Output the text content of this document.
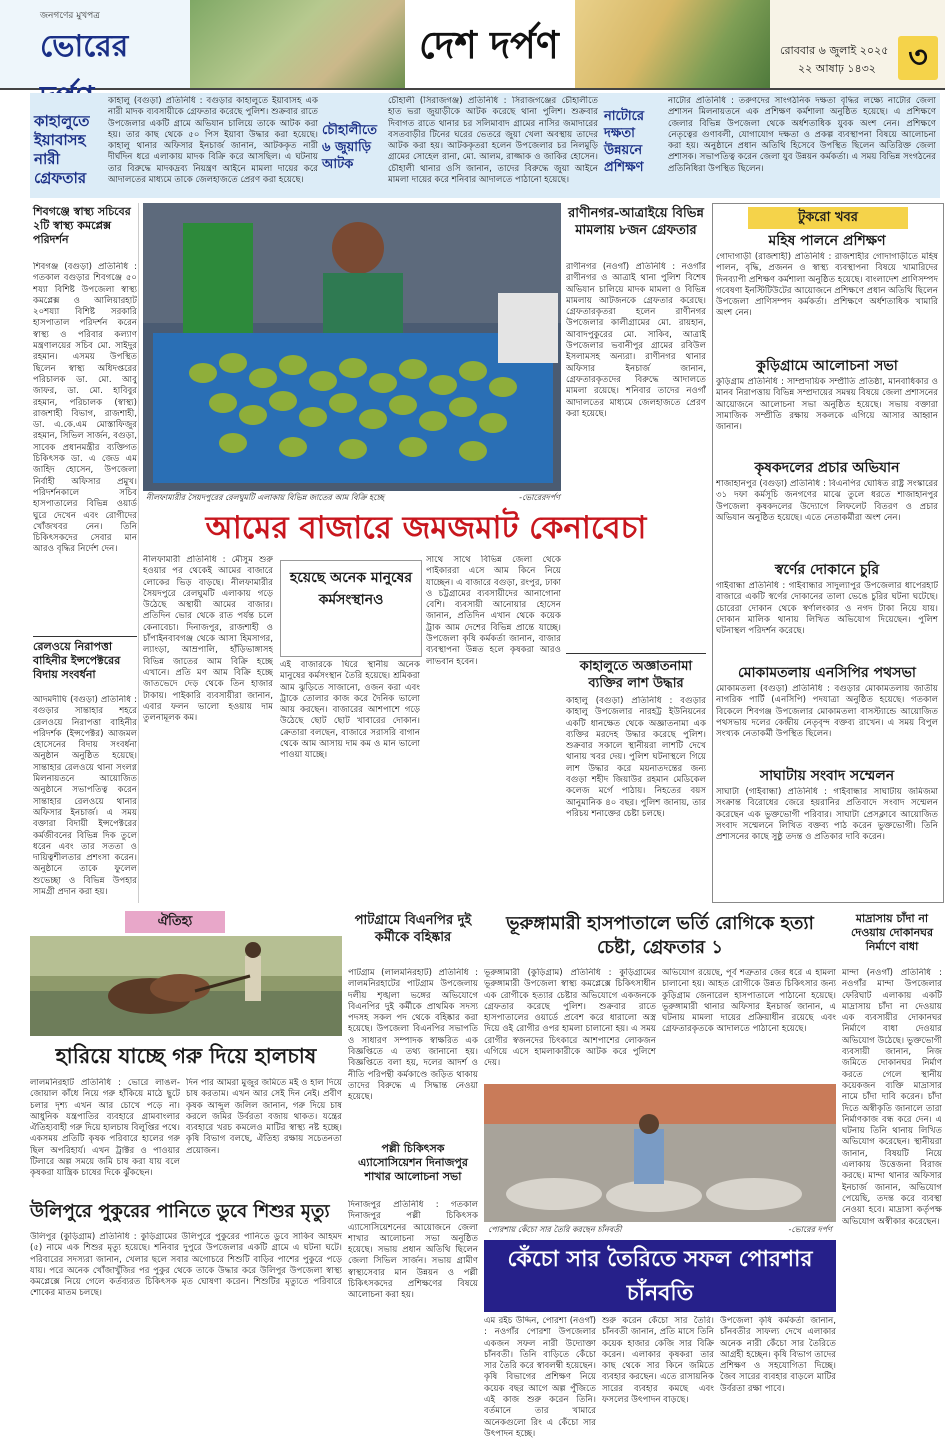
জনগণের মুখপত্র
ভোরের	দেশ দর্পণ	রোববার ৬ জুলাই ২০২৫
২২ আষাঢ় ১৪৩২	৩
কাহালুতে ইয়াবাসহ নারী গ্রেফতার
কাহালু (বগুড়া) প্রতিনিধি : বগুড়ার কাহালুতে ইয়াবাসহ এক নারী মাদক ব্যবসায়ীকে গ্রেফতার করেছে পুলিশ। শুক্রবার রাতে উপজেলার একটি গ্রামে অভিযান চালিয়ে তাকে আটক করা হয়। তার কাছ থেকে ৫০ পিস ইয়াবা উদ্ধার করা হয়েছে। কাহালু থানার অফিসার ইনচার্জ জানান, আটককৃত নারী দীর্ঘদিন ধরে এলাকায় মাদক বিক্রি করে আসছিল। এ ঘটনায় তার বিরুদ্ধে মাদকদ্রব্য নিয়ন্ত্রণ আইনে মামলা দায়ের করে আদালতের মাধ্যমে তাকে জেলহাজতে প্রেরণ করা হয়েছে।
চৌহালীতে ৬ জুয়াড়ি আটক
চৌহালী (সিরাজগঞ্জ) প্রতিনিধি : সিরাজগঞ্জের চৌহালীতে হাত ভরা জুয়াড়ীকে আটক করেছে থানা পুলিশ। শুক্রবার দিবাগত রাতে থানার চর সলিমাবাদ গ্রামের নাসির জমাদারের বসতবাড়ীর টিনের ঘরের ভেতরে জুয়া খেলা অবস্থায় তাদের আটক করা হয়। আটককৃতরা হলেন উপজেলার চর নিলমুড়ি গ্রামের সোহেল রানা, মো. আলম, রাজ্জাক ও জাকির হোসেন। চৌহালী থানার ওসি জানান, তাদের বিরুদ্ধে জুয়া আইনে মামলা দায়ের করে শনিবার আদালতে পাঠানো হয়েছে।
নাটোরে দক্ষতা উন্নয়নে প্রশিক্ষণ
নাটোর প্রতিনিধি : তরুণদের সাংগঠনিক দক্ষতা বৃদ্ধির লক্ষ্যে নাটোর জেলা প্রশাসন মিলনায়তনে এক প্রশিক্ষণ কর্মশালা অনুষ্ঠিত হয়েছে। এ প্রশিক্ষণে জেলার বিভিন্ন উপজেলা থেকে অর্ধশতাধিক যুবক অংশ নেন। প্রশিক্ষণে নেতৃত্বের গুণাবলী, যোগাযোগ দক্ষতা ও প্রকল্প ব্যবস্থাপনা বিষয়ে আলোচনা করা হয়। অনুষ্ঠানে প্রধান অতিথি হিসেবে উপস্থিত ছিলেন অতিরিক্ত জেলা প্রশাসক। সভাপতিত্ব করেন জেলা যুব উন্নয়ন কর্মকর্তা। এ সময় বিভিন্ন সংগঠনের প্রতিনিধিরা উপস্থিত ছিলেন।
শিবগঞ্জে স্বাস্থ্য সচিবের ২টি স্বাস্থ্য কমপ্লেক্স পরিদর্শন
শিবগঞ্জ (বগুড়া) প্রতিনিধি : গতকাল বগুড়ার শিবগঞ্জে ৫০ শয্যা বিশিষ্ট উপজেলা স্বাস্থ্য কমপ্লেক্স ও আলিয়ারহাট ২০শয্যা বিশিষ্ট সরকারি হাসপাতাল পরিদর্শন করেন স্বাস্থ্য ও পরিবার কল্যাণ মন্ত্রণালয়ের সচিব মো. সাইদুর রহমান। এসময় উপস্থিত ছিলেন স্বাস্থ্য অধিদপ্তরের পরিচালক ডা. মো. আবু জাফর, ডা. মো. হাবিবুর রহমান, পরিচালক (স্বাস্থ্য) রাজশাহী বিভাগ, রাজশাহী, ডা. এ.কে.এম মোস্তাফিজুর রহমান, সিভিল সার্জন, বগুড়া, সাবেক প্রধানমন্ত্রীর ব্যক্তিগত চিকিৎসক ডা. এ জেড এম জাহিদ হোসেন, উপজেলা নির্বাহী অফিসার প্রমুখ। পরিদর্শনকালে সচিব হাসপাতালের বিভিন্ন ওয়ার্ড ঘুরে দেখেন এবং রোগীদের খোঁজখবর নেন। তিনি চিকিৎসকদের সেবার মান আরও বৃদ্ধির নির্দেশ দেন।
রেলওয়ে নিরাপত্তা বাহিনীর ইন্সপেক্টরের বিদায় সংবর্ধনা
আদমদীঘি (বগুড়া) প্রতিনিধি : বগুড়ার সান্তাহার শহরে রেলওয়ে নিরাপত্তা বাহিনীর পরিদর্শক (ইন্সপেক্টর) আজমল হোসেনের বিদায় সংবর্ধনা অনুষ্ঠান অনুষ্ঠিত হয়েছে। সান্তাহার রেলওয়ে থানা সংলগ্ন মিলনায়তনে আয়োজিত অনুষ্ঠানে সভাপতিত্ব করেন সান্তাহার রেলওয়ে থানার অফিসার ইনচার্জ। এ সময় বক্তারা বিদায়ী ইন্সপেক্টরের কর্মজীবনের বিভিন্ন দিক তুলে ধরেন এবং তার সততা ও দায়িত্বশীলতার প্রশংসা করেন। অনুষ্ঠানে তাকে ফুলেল শুভেচ্ছা ও বিভিন্ন উপহার সামগ্রী প্রদান করা হয়।
নীলফামারীর সৈয়দপুরের রেলঘুমটি এলাকায় বিভিন্ন জাতের আম বিক্রি হচ্ছে	-ভোরেরদর্পণ
আমের বাজারে জমজমাট কেনাবেচা
নীলফামারী প্রতিনিধি : মৌসুম শুরু হওয়ার পর থেকেই আমের বাজারে লোকের ভিড় বাড়ছে। নীলফামারীর সৈয়দপুরে রেলঘুমটি এলাকায় গড়ে উঠেছে অস্থায়ী আমের বাজার। প্রতিদিন ভোর থেকে রাত পর্যন্ত চলে কেনাবেচা। দিনাজপুর, রাজশাহী ও চাঁপাইনবাবগঞ্জ থেকে আসা হিমসাগর, ল্যাংড়া, আম্রপালি, হাঁড়িভাঙ্গাসহ বিভিন্ন জাতের আম বিক্রি হচ্ছে এখানে। প্রতি মণ আম বিক্রি হচ্ছে জাতভেদে দেড় থেকে তিন হাজার টাকায়। পাইকারি ব্যবসায়ীরা জানান, এবার ফলন ভালো হওয়ায় দাম তুলনামূলক কম।
হয়েছে অনেক মানুষের কর্মসংস্থানও
এই বাজারকে ঘিরে স্থানীয় অনেক মানুষের কর্মসংস্থান তৈরি হয়েছে। শ্রমিকরা আম ঝুড়িতে সাজানো, ওজন করা এবং ট্রাকে তোলার কাজ করে দৈনিক ভালো আয় করছেন। বাজারের আশপাশে গড়ে উঠেছে ছোট ছোট খাবারের দোকান। ক্রেতারা বলছেন, বাজারে সরাসরি বাগান থেকে আম আসায় দাম কম ও মান ভালো পাওয়া যাচ্ছে।
সাথে সাথে বিভিন্ন জেলা থেকে পাইকাররা এসে আম কিনে নিয়ে যাচ্ছেন। এ বাজারে বগুড়া, রংপুর, ঢাকা ও চট্টগ্রামের ব্যবসায়ীদের আনাগোনা বেশি। ব্যবসায়ী আনোয়ার হোসেন জানান, প্রতিদিন এখান থেকে কয়েক ট্রাক আম দেশের বিভিন্ন প্রান্তে যাচ্ছে। উপজেলা কৃষি কর্মকর্তা জানান, বাজার ব্যবস্থাপনা উন্নত হলে কৃষকরা আরও লাভবান হবেন।
রাণীনগর-আত্রাইয়ে বিভিন্ন মামলায় ৮জন গ্রেফতার
রাণীনগর (নওগাঁ) প্রতিনিধি : নওগাঁর রাণীনগর ও আত্রাই থানা পুলিশ বিশেষ অভিযান চালিয়ে মাদক মামলা ও বিভিন্ন মামলায় আটজনকে গ্রেফতার করেছে। গ্রেফতারকৃতরা হলেন রাণীনগর উপজেলার কালীগ্রামের মো. রায়হান, আবাদপুকুরের মো. সাকিব, আত্রাই উপজেলার ভবানীপুর গ্রামের রবিউল ইসলামসহ অন্যরা। রাণীনগর থানার অফিসার ইনচার্জ জানান, গ্রেফতারকৃতদের বিরুদ্ধে আদালতে মামলা রয়েছে। শনিবার তাদের নওগাঁ আদালতের মাধ্যমে জেলহাজতে প্রেরণ করা হয়েছে।
কাহালুতে অজ্ঞাতনামা ব্যক্তির লাশ উদ্ধার
কাহালু (বগুড়া) প্রতিনিধি : বগুড়ার কাহালু উপজেলার নারহট্ট ইউনিয়নের একটি ধানক্ষেত থেকে অজ্ঞাতনামা এক ব্যক্তির মরদেহ উদ্ধার করেছে পুলিশ। শুক্রবার সকালে স্থানীয়রা লাশটি দেখে থানায় খবর দেয়। পুলিশ ঘটনাস্থলে গিয়ে লাশ উদ্ধার করে ময়নাতদন্তের জন্য বগুড়া শহীদ জিয়াউর রহমান মেডিকেল কলেজ মর্গে পাঠায়। নিহতের বয়স আনুমানিক ৪০ বছর। পুলিশ জানায়, তার পরিচয় শনাক্তের চেষ্টা চলছে।
টুকরো খবর
মহিষ পালনে প্রশিক্ষণ
গোদাগাড়ী (রাজশাহী) প্রতিনিধি : রাজশাহীর গোদাগাড়ীতে মহিষ পালন, বৃদ্ধি, প্রজনন ও স্বাস্থ্য ব্যবস্থাপনা বিষয়ে খামারিদের দিনব্যাপী প্রশিক্ষণ কর্মশালা অনুষ্ঠিত হয়েছে। বাংলাদেশ প্রাণিসম্পদ গবেষণা ইনস্টিটিউটের আয়োজনে প্রশিক্ষণে প্রধান অতিথি ছিলেন উপজেলা প্রাণিসম্পদ কর্মকর্তা। প্রশিক্ষণে অর্ধশতাধিক খামারি অংশ নেন।
কুড়িগ্রামে আলোচনা সভা
কুড়িগ্রাম প্রতিনিধি : সাম্প্রদায়িক সম্প্রীতি প্রতিষ্ঠা, মানবাধিকার ও মানব নিরাপত্তায় বিভিন্ন সম্প্রদায়ের সমন্বয় বিষয়ে জেলা প্রশাসনের আয়োজনে আলোচনা সভা অনুষ্ঠিত হয়েছে। সভায় বক্তারা সামাজিক সম্প্রীতি রক্ষায় সকলকে এগিয়ে আসার আহ্বান জানান।
কৃষকদলের প্রচার অভিযান
শাজাহানপুর (বগুড়া) প্রতিনিধি : বিএনপির ঘোষিত রাষ্ট্র সংস্কারের ৩১ দফা কর্মসূচি জনগণের মাঝে তুলে ধরতে শাজাহানপুর উপজেলা কৃষকদলের উদ্যোগে লিফলেট বিতরণ ও প্রচার অভিযান অনুষ্ঠিত হয়েছে। এতে নেতাকর্মীরা অংশ নেন।
স্বর্ণের দোকানে চুরি
গাইবান্ধা প্রতিনিধি : গাইবান্ধার সাদুল্যাপুর উপজেলার ধাপেরহাট বাজারে একটি স্বর্ণের দোকানের তালা ভেঙে চুরির ঘটনা ঘটেছে। চোরেরা দোকান থেকে স্বর্ণালংকার ও নগদ টাকা নিয়ে যায়। দোকান মালিক থানায় লিখিত অভিযোগ দিয়েছেন। পুলিশ ঘটনাস্থল পরিদর্শন করেছে।
মোকামতলায় এনসিপির পথসভা
মোকামতলা (বগুড়া) প্রতিনিধি : বগুড়ার মোকামতলায় জাতীয় নাগরিক পার্টি (এনসিপি) পদযাত্রা অনুষ্ঠিত হয়েছে। গতকাল বিকেলে শিবগঞ্জ উপজেলার মোকামতলা বাসস্ট্যান্ডে আয়োজিত পথসভায় দলের কেন্দ্রীয় নেতৃবৃন্দ বক্তব্য রাখেন। এ সময় বিপুল সংখ্যক নেতাকর্মী উপস্থিত ছিলেন।
সাঘাটায় সংবাদ সম্মেলন
সাঘাটা (গাইবান্ধা) প্রতিনিধি : গাইবান্ধার সাঘাটায় জমিজমা সংক্রান্ত বিরোধের জেরে হয়রানির প্রতিবাদে সংবাদ সম্মেলন করেছেন এক ভুক্তভোগী পরিবার। সাঘাটা প্রেসক্লাবে আয়োজিত সংবাদ সম্মেলনে লিখিত বক্তব্য পাঠ করেন ভুক্তভোগী। তিনি প্রশাসনের কাছে সুষ্ঠু তদন্ত ও প্রতিকার দাবি করেন।
ঐতিহ্য
হারিয়ে যাচ্ছে গরু দিয়ে হালচাষ
লালমনিরহাট প্রতিনিধি : ভোরে লাঙল-জোয়াল কাঁধে নিয়ে গরু হাঁকিয়ে মাঠে ছুটে চলার দৃশ্য এখন আর চোখে পড়ে না। আধুনিক যন্ত্রপাতির ব্যবহারে গ্রামবাংলার ঐতিহ্যবাহী গরু দিয়ে হালচাষ বিলুপ্তির পথে। একসময় প্রতিটি কৃষক পরিবারে হালের গরু ছিল অপরিহার্য। এখন ট্রাক্টর ও পাওয়ার টিলারে অল্প সময়ে জমি চাষ করা যায় বলে কৃষকরা যান্ত্রিক চাষের দিকে ঝুঁকছেন।
দিন পার আমরা মুজুর জমিতে মই ও হাল দিয়ে চাষ করতাম। এখন আর সেই দিন নেই। প্রবীণ কৃষক আব্দুল জলিল জানান, গরু দিয়ে চাষ করলে জমির উর্বরতা বজায় থাকত। যন্ত্রের ব্যবহারে খরচ কমলেও মাটির স্বাস্থ্য নষ্ট হচ্ছে। কৃষি বিভাগ বলছে, ঐতিহ্য রক্ষায় সচেতনতা প্রয়োজন।
পাটগ্রামে বিএনপির দুই কর্মীকে বহিষ্কার
পাটগ্রাম (লালমনিরহাট) প্রতিনিধি : লালমনিরহাটের পাটগ্রাম উপজেলায় দলীয় শৃঙ্খলা ভঙ্গের অভিযোগে বিএনপির দুই কর্মীকে প্রাথমিক সদস্য পদসহ সকল পদ থেকে বহিষ্কার করা হয়েছে। উপজেলা বিএনপির সভাপতি ও সাধারণ সম্পাদক স্বাক্ষরিত এক বিজ্ঞপ্তিতে এ তথ্য জানানো হয়। বিজ্ঞপ্তিতে বলা হয়, দলের আদর্শ ও নীতি পরিপন্থী কর্মকাণ্ডে জড়িত থাকায় তাদের বিরুদ্ধে এ সিদ্ধান্ত নেওয়া হয়েছে।
পল্লী চিকিৎসক এ্যাসোসিয়েশন দিনাজপুর শাখার আলোচনা সভা
দিনাজপুর প্রতিনিধি : গতকাল দিনাজপুর পল্লী চিকিৎসক এ্যাসোসিয়েশনের আয়োজনে জেলা শাখার আলোচনা সভা অনুষ্ঠিত হয়েছে। সভায় প্রধান অতিথি ছিলেন জেলা সিভিল সার্জন। সভায় গ্রামীণ স্বাস্থ্যসেবার মান উন্নয়ন ও পল্লী চিকিৎসকদের প্রশিক্ষণের বিষয়ে আলোচনা করা হয়।
ভূরুঙ্গামারী হাসপাতালে ভর্তি রোগিকে হত্যা চেষ্টা, গ্রেফতার ১
ভূরুঙ্গামারী (কুড়িগ্রাম) প্রতিনিধি : কুড়িগ্রামের ভূরুঙ্গামারী উপজেলা স্বাস্থ্য কমপ্লেক্সে চিকিৎসাধীন এক রোগীকে হত্যার চেষ্টার অভিযোগে একজনকে গ্রেফতার করেছে পুলিশ। শুক্রবার রাতে হাসপাতালের ওয়ার্ডে প্রবেশ করে ধারালো অস্ত্র দিয়ে ওই রোগীর ওপর হামলা চালানো হয়। এ সময় রোগীর স্বজনদের চিৎকারে আশপাশের লোকজন এগিয়ে এসে হামলাকারীকে আটক করে পুলিশে দেয়।
অভিযোগ রয়েছে, পূর্ব শত্রুতার জের ধরে এ হামলা চালানো হয়। আহত রোগীকে উন্নত চিকিৎসার জন্য কুড়িগ্রাম জেনারেল হাসপাতালে পাঠানো হয়েছে। ভূরুঙ্গামারী থানার অফিসার ইনচার্জ জানান, এ ঘটনায় মামলা দায়ের প্রক্রিয়াধীন রয়েছে এবং গ্রেফতারকৃতকে আদালতে পাঠানো হয়েছে।
পোরশায় কেঁচো সার তৈরি করছেন চাঁনবতী	-ভোরের দর্পণ
কেঁচো সার তৈরিতে সফল পোরশার চাঁনবতি
এম রইচ উদ্দিন, পোরশা (নওগাঁ) : নওগাঁর পোরশা উপজেলার একজন সফল নারী উদ্যোক্তা চাঁনবতী। তিনি বাড়িতে কেঁচো সার তৈরি করে স্বাবলম্বী হয়েছেন। কৃষি বিভাগের প্রশিক্ষণ নিয়ে কয়েক বছর আগে অল্প পুঁজিতে এই কাজ শুরু করেন তিনি। বর্তমানে তার খামারে অনেকগুলো রিং এ কেঁচো সার উৎপাদন হচ্ছে।
শুরু করেন কেঁচো সার তৈরি। চাঁনবতী জানান, প্রতি মাসে তিনি কয়েক হাজার কেজি সার বিক্রি করেন। এলাকার কৃষকরা তার কাছ থেকে সার কিনে জমিতে ব্যবহার করছেন। এতে রাসায়নিক সারের ব্যবহার কমছে এবং ফসলের উৎপাদন বাড়ছে।
উপজেলা কৃষি কর্মকর্তা জানান, চাঁনবতীর সাফল্য দেখে এলাকার অনেক নারী কেঁচো সার তৈরিতে আগ্রহী হচ্ছেন। কৃষি বিভাগ তাদের প্রশিক্ষণ ও সহযোগিতা দিচ্ছে। জৈব সারের ব্যবহার বাড়লে মাটির উর্বরতা রক্ষা পাবে।
মাদ্রাসায় চাঁদা না দেওয়ায় দোকানঘর নির্মাণে বাধা
মান্দা (নওগাঁ) প্রতিনিধি : নওগাঁর মান্দা উপজেলার ফেরিঘাট এলাকায় একটি মাদ্রাসায় চাঁদা না দেওয়ায় এক ব্যবসায়ীর দোকানঘর নির্মাণে বাধা দেওয়ার অভিযোগ উঠেছে। ভুক্তভোগী ব্যবসায়ী জানান, নিজ জমিতে দোকানঘর নির্মাণ করতে গেলে স্থানীয় কয়েকজন ব্যক্তি মাদ্রাসার নামে চাঁদা দাবি করেন। চাঁদা দিতে অস্বীকৃতি জানালে তারা নির্মাণকাজ বন্ধ করে দেন। এ ঘটনায় তিনি থানায় লিখিত অভিযোগ করেছেন। স্থানীয়রা জানান, বিষয়টি নিয়ে এলাকায় উত্তেজনা বিরাজ করছে। মান্দা থানার অফিসার ইনচার্জ জানান, অভিযোগ পেয়েছি, তদন্ত করে ব্যবস্থা নেওয়া হবে। মাদ্রাসা কর্তৃপক্ষ অভিযোগ অস্বীকার করেছেন।
উলিপুরে পুকুরের পানিতে ডুবে শিশুর মৃত্যু
উলিপুর (কুড়িগ্রাম) প্রতিনিধি : কুড়িগ্রামের উলিপুরে পুকুরের পানিতে ডুবে সাকিব আহমদ (৫) নামে এক শিশুর মৃত্যু হয়েছে। শনিবার দুপুরে উপজেলার একটি গ্রামে এ ঘটনা ঘটে। পরিবারের সদস্যরা জানান, খেলার ছলে সবার অগোচরে শিশুটি বাড়ির পাশের পুকুরে পড়ে যায়। পরে অনেক খোঁজাখুঁজির পর পুকুর থেকে তাকে উদ্ধার করে উলিপুর উপজেলা স্বাস্থ্য কমপ্লেক্সে নিয়ে গেলে কর্তব্যরত চিকিৎসক মৃত ঘোষণা করেন। শিশুটির মৃত্যুতে পরিবারে শোকের মাতম চলছে।
